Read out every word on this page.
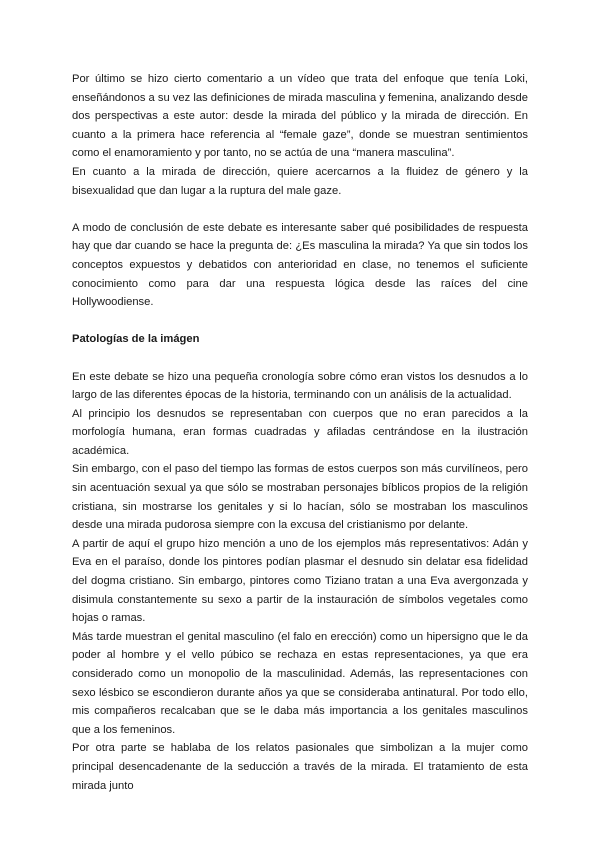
Por último se hizo cierto comentario a un vídeo que trata del enfoque que tenía Loki, enseñándonos a su vez las definiciones de mirada masculina y femenina, analizando desde dos perspectivas a este autor: desde la mirada del público y la mirada de dirección. En cuanto a la primera hace referencia al “female gaze”, donde se muestran sentimientos como el enamoramiento y por tanto, no se actúa de una “manera masculina”.

En cuanto a la mirada de dirección, quiere acercarnos a la fluidez de género y la bisexualidad que dan lugar a la ruptura del male gaze.

A modo de conclusión de este debate es interesante saber qué posibilidades de respuesta hay que dar cuando se hace la pregunta de: ¿Es masculina la mirada? Ya que sin todos los conceptos expuestos y debatidos con anterioridad en clase, no tenemos el suficiente conocimiento como para dar una respuesta lógica desde las raíces del cine Hollywoodiense.

Patologías de la imágen

En este debate se hizo una pequeña cronología sobre cómo eran vistos los desnudos a lo largo de las diferentes épocas de la historia, terminando con un análisis de la actualidad.

Al principio los desnudos se representaban con cuerpos que no eran parecidos a la morfología humana, eran formas cuadradas y afiladas centrándose en la ilustración académica.

Sin embargo, con el paso del tiempo las formas de estos cuerpos son más curvilíneos, pero sin acentuación sexual ya que sólo se mostraban personajes bíblicos propios de la religión cristiana, sin mostrarse los genitales y si lo hacían, sólo se mostraban los masculinos desde una mirada pudorosa siempre con la excusa del cristianismo por delante.

A partir de aquí el grupo hizo mención a uno de los ejemplos más representativos: Adán y Eva en el paraíso, donde los pintores podían plasmar el desnudo sin delatar esa fidelidad del dogma cristiano. Sin embargo, pintores como Tiziano tratan a una Eva avergonzada y disimula constantemente su sexo a partir de la instauración de símbolos vegetales como hojas o ramas.

Más tarde muestran el genital masculino (el falo en erección) como un hipersigno que le da poder al hombre y el vello púbico se rechaza en estas representaciones, ya que era considerado como un monopolio de la masculinidad. Además, las representaciones con sexo lésbico se escondieron durante años ya que se consideraba antinatural. Por todo ello, mis compañeros recalcaban que se le daba más importancia a los genitales masculinos que a los femeninos.

Por otra parte se hablaba de los relatos pasionales que simbolizan a la mujer como principal desencadenante de la seducción a través de la mirada. El tratamiento de esta mirada junto
